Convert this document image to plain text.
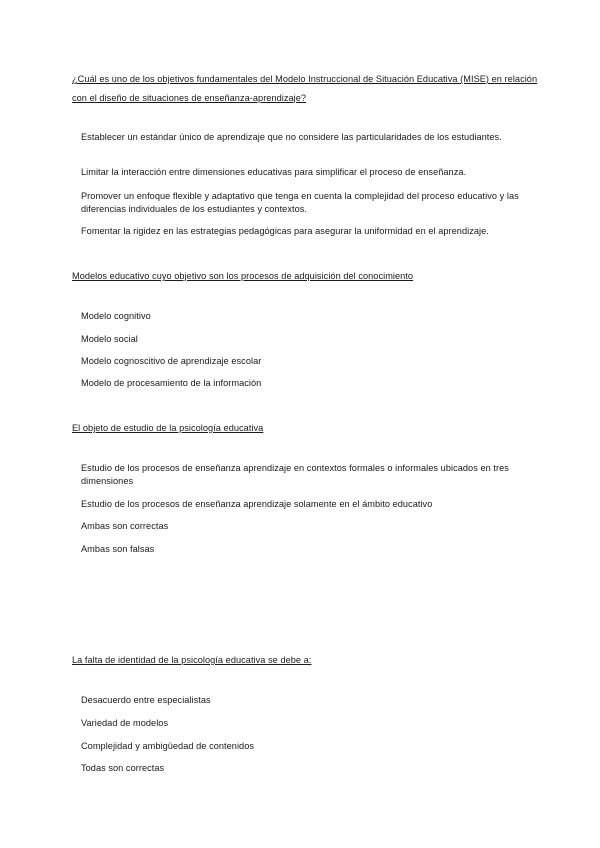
¿Cuál es uno de los objetivos fundamentales del Modelo Instruccional de Situación Educativa (MISE) en relación con el diseño de situaciones de enseñanza-aprendizaje?
Establecer un estándar único de aprendizaje que no considere las particularidades de los estudiantes.
Limitar la interacción entre dimensiones educativas para simplificar el proceso de enseñanza.
Promover un enfoque flexible y adaptativo que tenga en cuenta la complejidad del proceso educativo y las diferencias individuales de los estudiantes y contextos.
Fomentar la rigidez en las estrategias pedagógicas para asegurar la uniformidad en el aprendizaje.
Modelos educativo cuyo objetivo son los procesos de adquisición del conocimiento
Modelo cognitivo
Modelo social
Modelo cognoscitivo de aprendizaje escolar
Modelo de procesamiento de la información
El objeto de estudio de la psicología educativa
Estudio de los procesos de enseñanza aprendizaje en contextos formales o informales ubicados en tres dimensiones
Estudio de los procesos de enseñanza aprendizaje solamente en el ámbito educativo
Ambas son correctas
Ambas son falsas
La falta de identidad de la psicología educativa se debe a:
Desacuerdo entre especialistas
Variedad de modelos
Complejidad y ambigüedad de contenidos
Todas son correctas
